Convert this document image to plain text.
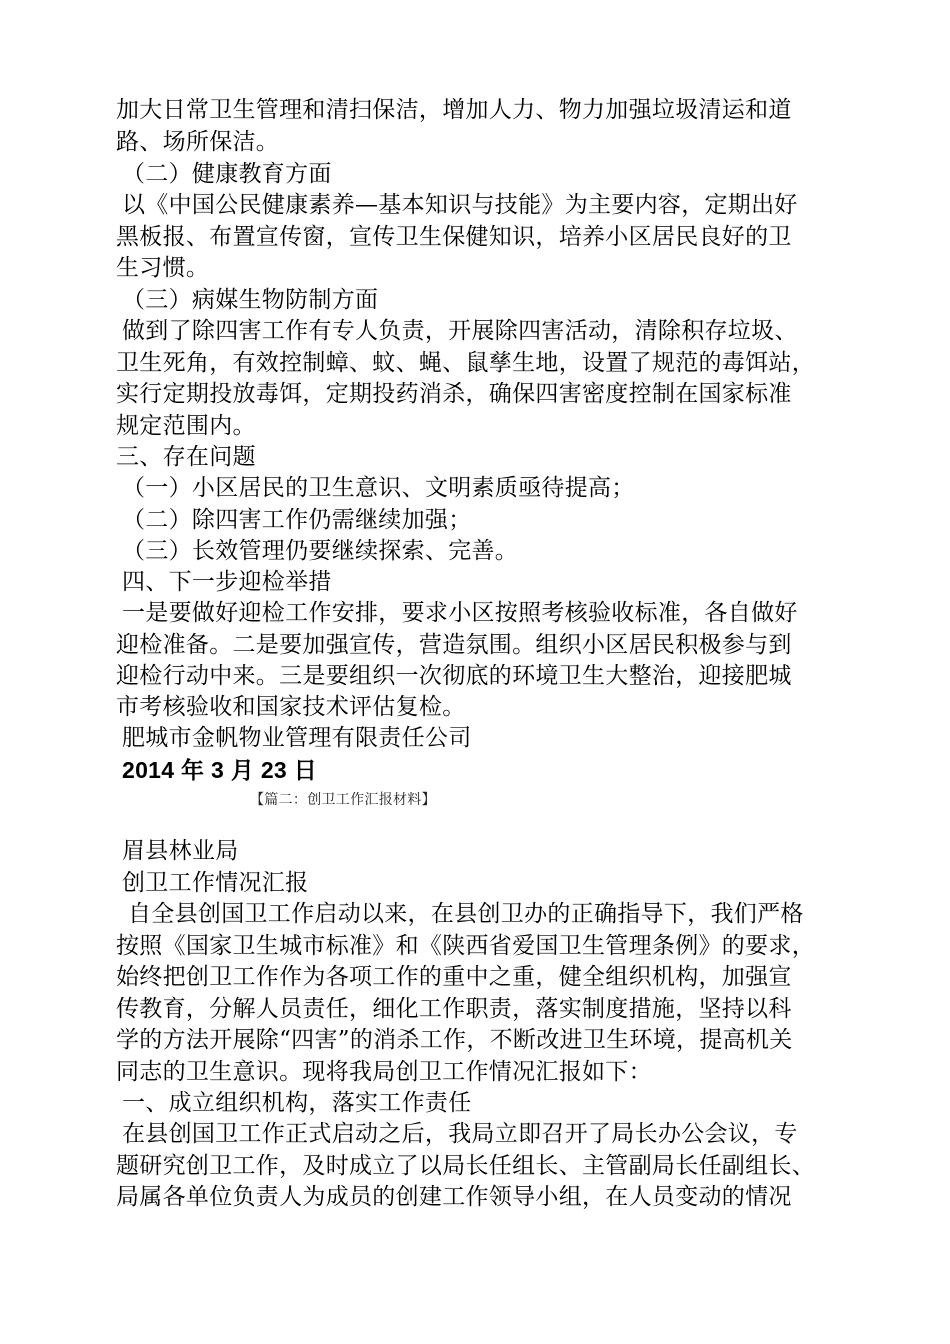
加大日常卫生管理和清扫保洁，增加人力、物力加强垃圾清运和道
路、场所保洁。
（二）健康教育方面
以《中国公民健康素养—基本知识与技能》为主要内容，定期出好
黑板报、布置宣传窗，宣传卫生保健知识，培养小区居民良好的卫
生习惯。
（三）病媒生物防制方面
做到了除四害工作有专人负责，开展除四害活动，清除积存垃圾、
卫生死角，有效控制蟑、蚊、蝇、鼠孳生地，设置了规范的毒饵站，
实行定期投放毒饵，定期投药消杀，确保四害密度控制在国家标准
规定范围内。
三、存在问题
（一）小区居民的卫生意识、文明素质亟待提高；
（二）除四害工作仍需继续加强；
（三）长效管理仍要继续探索、完善。
四、下一步迎检举措
一是要做好迎检工作安排，要求小区按照考核验收标准，各自做好
迎检准备。二是要加强宣传，营造氛围。组织小区居民积极参与到
迎检行动中来。三是要组织一次彻底的环境卫生大整治，迎接肥城
市考核验收和国家技术评估复检。
肥城市金帆物业管理有限责任公司
2014 年 3 月 23 日
【篇二：创卫工作汇报材料】
眉县林业局
创卫工作情况汇报
自全县创国卫工作启动以来，在县创卫办的正确指导下，我们严格
按照《国家卫生城市标准》和《陕西省爱国卫生管理条例》的要求，
始终把创卫工作作为各项工作的重中之重，健全组织机构，加强宣
传教育，分解人员责任，细化工作职责，落实制度措施，坚持以科
学的方法开展除“四害”的消杀工作，不断改进卫生环境，提高机关
同志的卫生意识。现将我局创卫工作情况汇报如下：
一、成立组织机构，落实工作责任
在县创国卫工作正式启动之后，我局立即召开了局长办公会议，专
题研究创卫工作，及时成立了以局长任组长、主管副局长任副组长、
局属各单位负责人为成员的创建工作领导小组，在人员变动的情况
